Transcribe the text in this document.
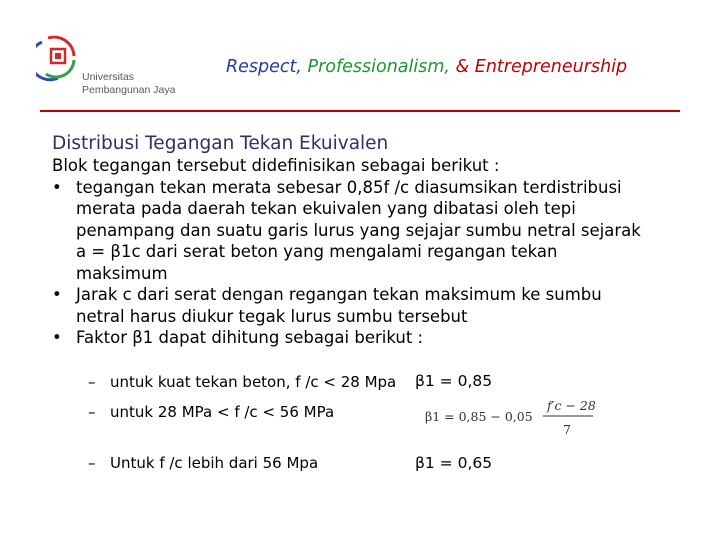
Universitas
Pembangunan Jaya
Respect, Professionalism, & Entrepreneurship
Distribusi Tegangan Tekan Ekuivalen
Blok tegangan tersebut didefinisikan sebagai berikut :
• tegangan tekan merata sebesar 0,85f /c diasumsikan terdistribusi
merata pada daerah tekan ekuivalen yang dibatasi oleh tepi
penampang dan suatu garis lurus yang sejajar sumbu netral sejarak
a = β1c dari serat beton yang mengalami regangan tekan
maksimum
• Jarak c dari serat dengan regangan tekan maksimum ke sumbu
netral harus diukur tegak lurus sumbu tersebut
• Faktor β1 dapat dihitung sebagai berikut :
– untuk kuat tekan beton, f /c < 28 Mpa
– untuk 28 MPa < f /c < 56 MPa
– Untuk f /c lebih dari 56 Mpa
β1 = 0,85
β1 = 0,65
β1 = 0,85 − 0,05
f′c − 28
7
